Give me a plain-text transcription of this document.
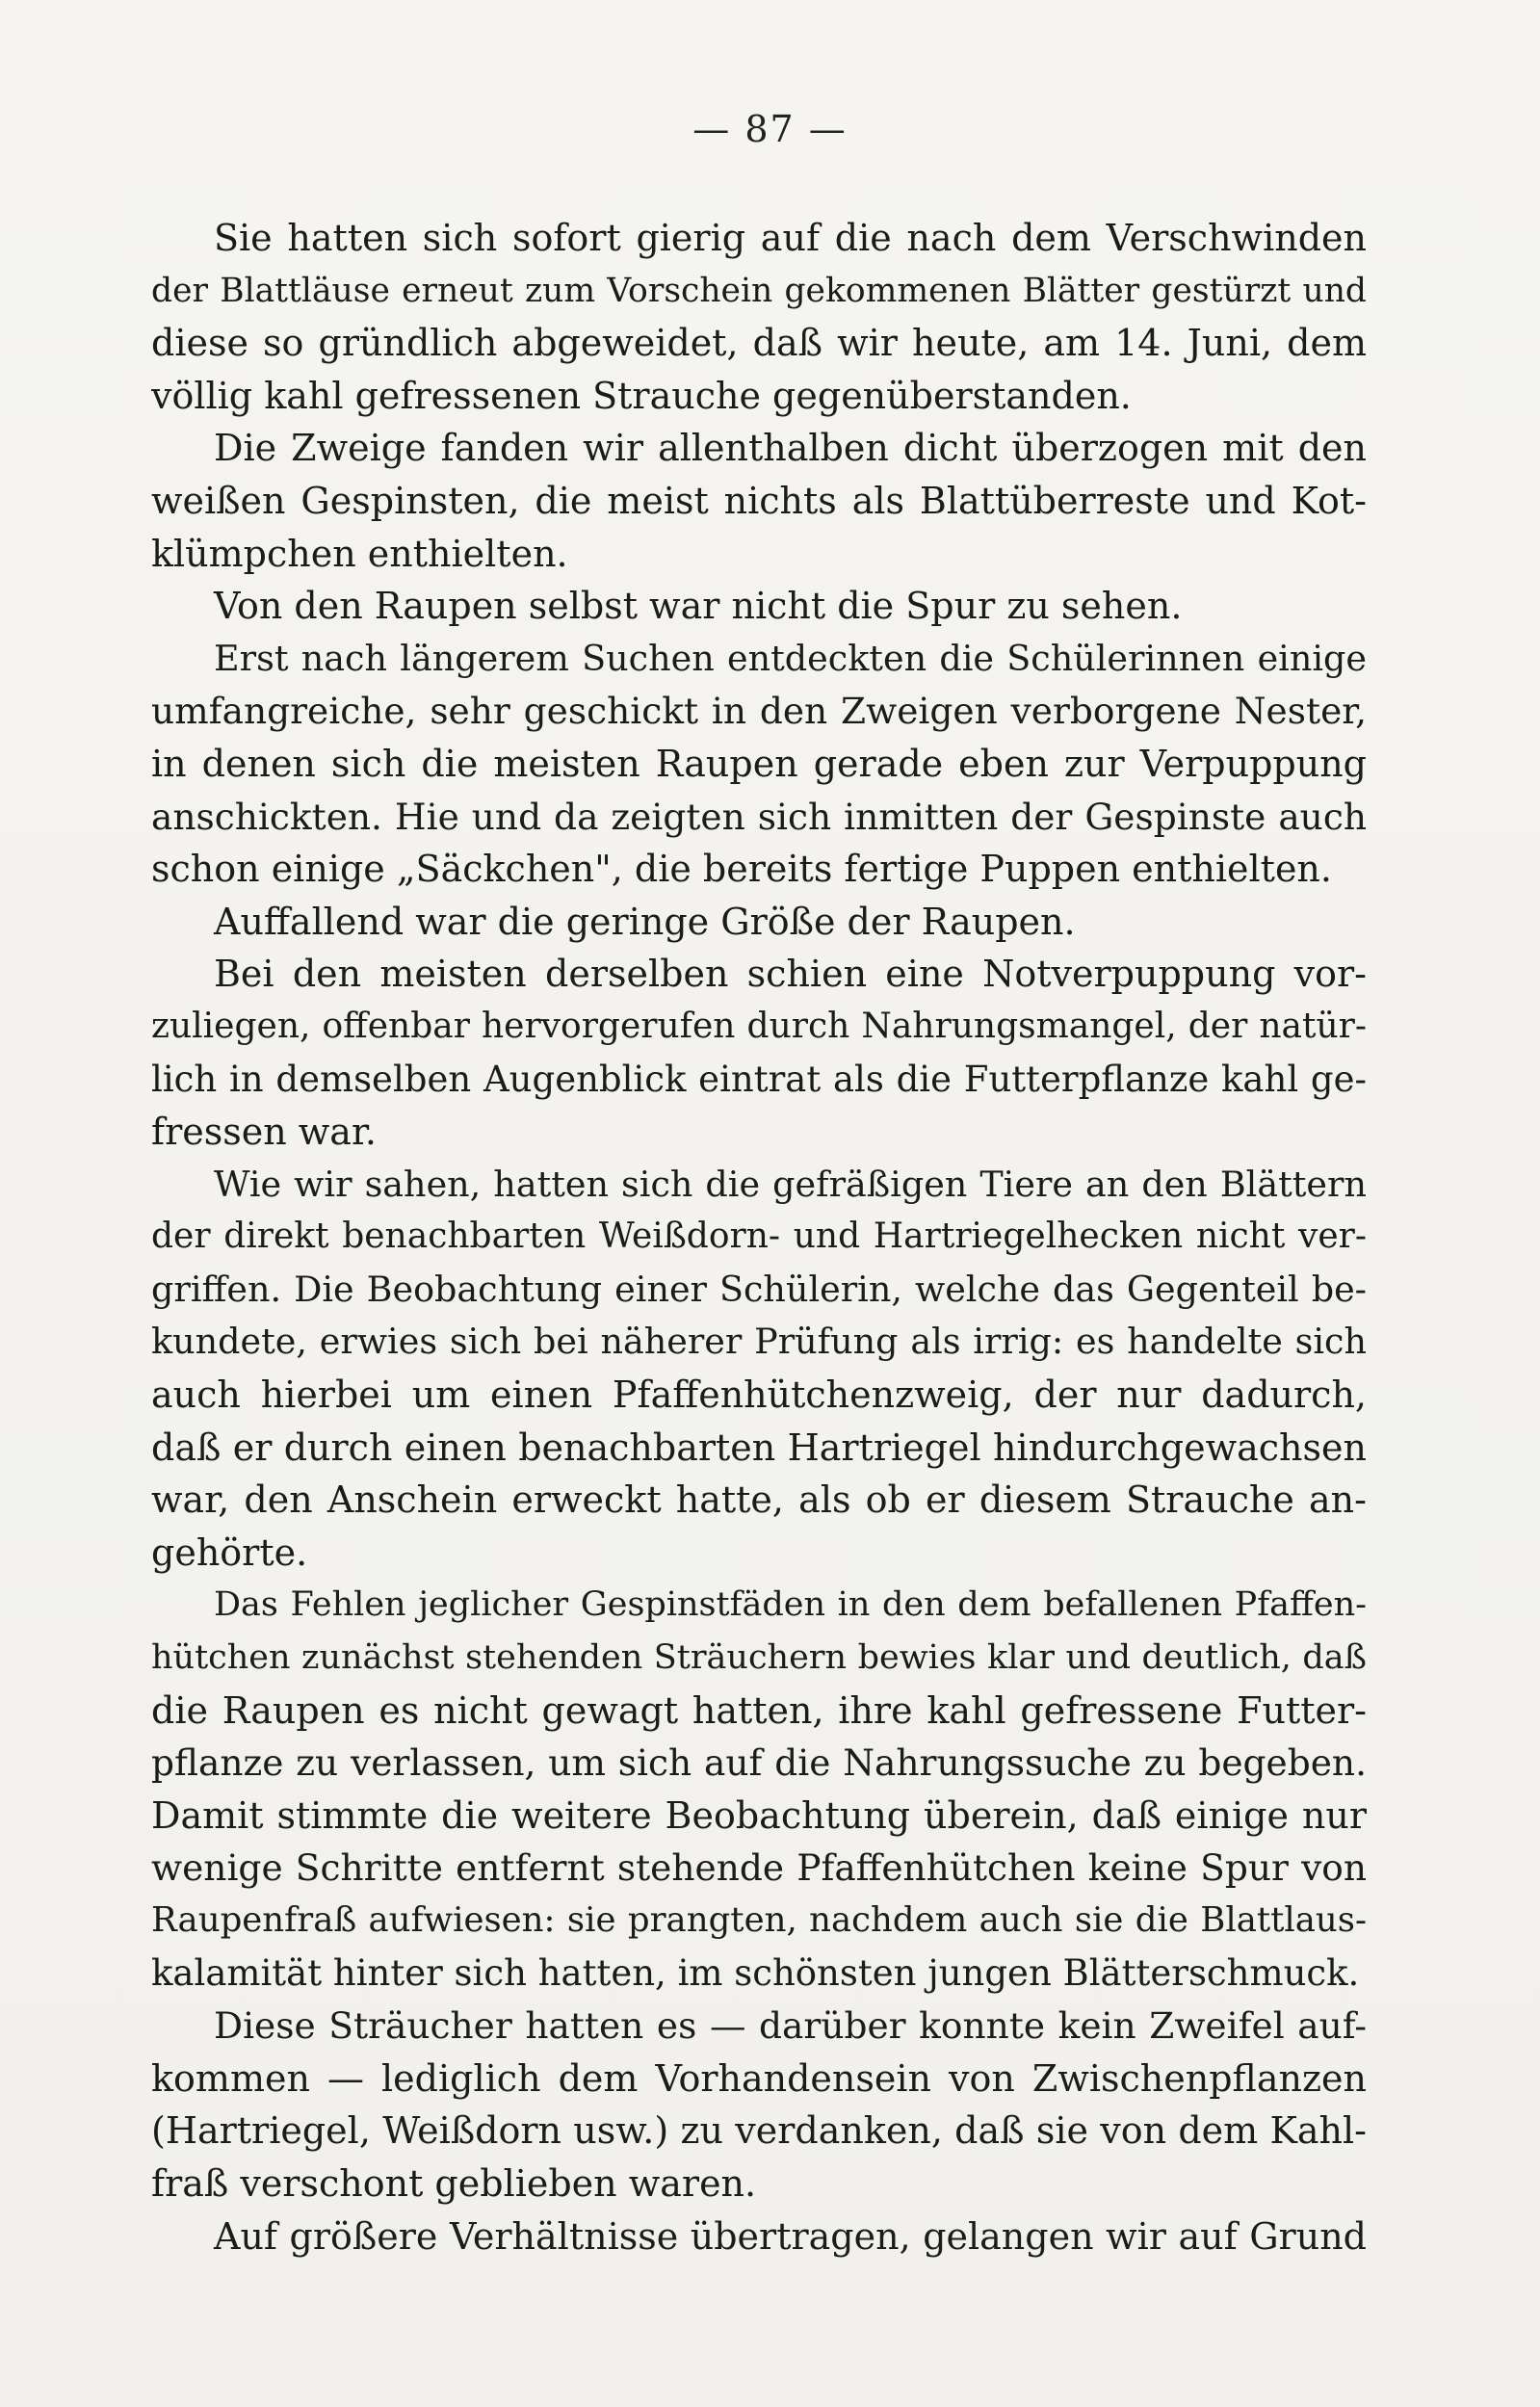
— 87 —
Sie hatten sich sofort gierig auf die nach dem Verschwinden
der Blattläuse erneut zum Vorschein gekommenen Blätter gestürzt und
diese so gründlich abgeweidet, daß wir heute, am 14. Juni, dem
völlig kahl gefressenen Strauche gegenüberstanden.
Die Zweige fanden wir allenthalben dicht überzogen mit den
weißen Gespinsten, die meist nichts als Blattüberreste und Kot-
klümpchen enthielten.
Von den Raupen selbst war nicht die Spur zu sehen.
Erst nach längerem Suchen entdeckten die Schülerinnen einige
umfangreiche, sehr geschickt in den Zweigen verborgene Nester,
in denen sich die meisten Raupen gerade eben zur Verpuppung
anschickten. Hie und da zeigten sich inmitten der Gespinste auch
schon einige „Säckchen", die bereits fertige Puppen enthielten.
Auffallend war die geringe Größe der Raupen.
Bei den meisten derselben schien eine Notverpuppung vor-
zuliegen, offenbar hervorgerufen durch Nahrungsmangel, der natür-
lich in demselben Augenblick eintrat als die Futterpflanze kahl ge-
fressen war.
Wie wir sahen, hatten sich die gefräßigen Tiere an den Blättern
der direkt benachbarten Weißdorn- und Hartriegelhecken nicht ver-
griffen. Die Beobachtung einer Schülerin, welche das Gegenteil be-
kundete, erwies sich bei näherer Prüfung als irrig: es handelte sich
auch hierbei um einen Pfaffenhütchenzweig, der nur dadurch,
daß er durch einen benachbarten Hartriegel hindurchgewachsen
war, den Anschein erweckt hatte, als ob er diesem Strauche an-
gehörte.
Das Fehlen jeglicher Gespinstfäden in den dem befallenen Pfaffen-
hütchen zunächst stehenden Sträuchern bewies klar und deutlich, daß
die Raupen es nicht gewagt hatten, ihre kahl gefressene Futter-
pflanze zu verlassen, um sich auf die Nahrungssuche zu begeben.
Damit stimmte die weitere Beobachtung überein, daß einige nur
wenige Schritte entfernt stehende Pfaffenhütchen keine Spur von
Raupenfraß aufwiesen: sie prangten, nachdem auch sie die Blattlaus-
kalamität hinter sich hatten, im schönsten jungen Blätterschmuck.
Diese Sträucher hatten es — darüber konnte kein Zweifel auf-
kommen — lediglich dem Vorhandensein von Zwischenpflanzen
(Hartriegel, Weißdorn usw.) zu verdanken, daß sie von dem Kahl-
fraß verschont geblieben waren.
Auf größere Verhältnisse übertragen, gelangen wir auf Grund
